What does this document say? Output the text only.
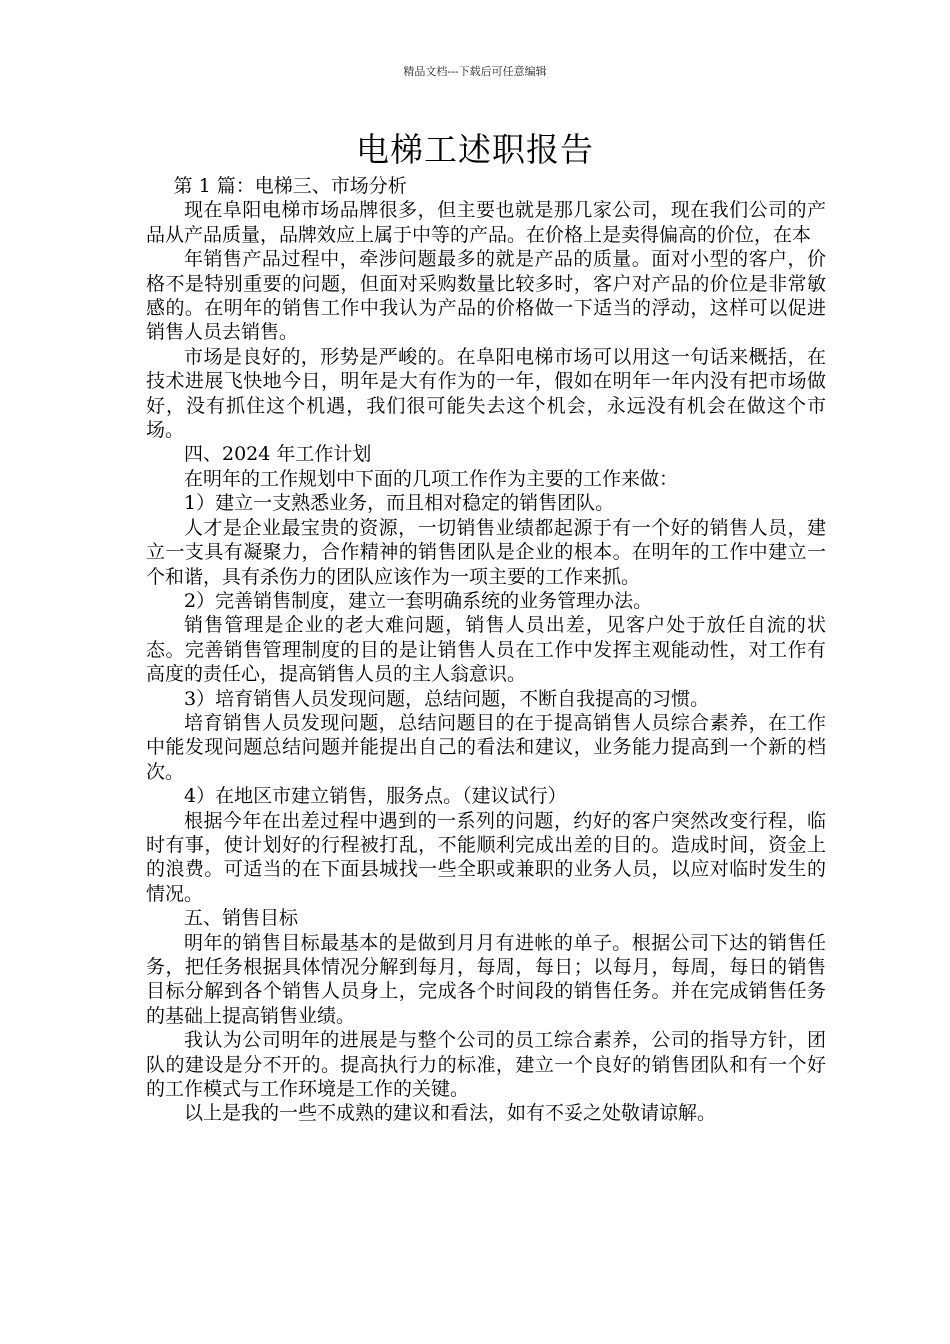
精品文档---下载后可任意编辑
电梯工述职报告

第 1 篇：电梯三、市场分析

现在阜阳电梯市场品牌很多，但主要也就是那几家公司，现在我们公司的产品从产品质量，品牌效应上属于中等的产品。在价格上是卖得偏高的价位，在本

年销售产品过程中，牵涉问题最多的就是产品的质量。面对小型的客户，价格不是特别重要的问题，但面对采购数量比较多时，客户对产品的价位是非常敏感的。在明年的销售工作中我认为产品的价格做一下适当的浮动，这样可以促进销售人员去销售。

市场是良好的，形势是严峻的。在阜阳电梯市场可以用这一句话来概括，在技术进展飞快地今日，明年是大有作为的一年，假如在明年一年内没有把市场做好，没有抓住这个机遇，我们很可能失去这个机会，永远没有机会在做这个市场。

四、2024 年工作计划

在明年的工作规划中下面的几项工作作为主要的工作来做：

1）建立一支熟悉业务，而且相对稳定的销售团队。

人才是企业最宝贵的资源，一切销售业绩都起源于有一个好的销售人员，建立一支具有凝聚力，合作精神的销售团队是企业的根本。在明年的工作中建立一个和谐，具有杀伤力的团队应该作为一项主要的工作来抓。

2）完善销售制度，建立一套明确系统的业务管理办法。

销售管理是企业的老大难问题，销售人员出差，见客户处于放任自流的状态。完善销售管理制度的目的是让销售人员在工作中发挥主观能动性，对工作有高度的责任心，提高销售人员的主人翁意识。

3）培育销售人员发现问题，总结问题，不断自我提高的习惯。

培育销售人员发现问题，总结问题目的在于提高销售人员综合素养，在工作中能发现问题总结问题并能提出自己的看法和建议，业务能力提高到一个新的档次。

4）在地区市建立销售，服务点。（建议试行）

根据今年在出差过程中遇到的一系列的问题，约好的客户突然改变行程，临时有事，使计划好的行程被打乱，不能顺利完成出差的目的。造成时间，资金上的浪费。可适当的在下面县城找一些全职或兼职的业务人员，以应对临时发生的情况。

五、销售目标

明年的销售目标最基本的是做到月月有进帐的单子。根据公司下达的销售任务，把任务根据具体情况分解到每月，每周，每日；以每月，每周，每日的销售目标分解到各个销售人员身上，完成各个时间段的销售任务。并在完成销售任务的基础上提高销售业绩。

我认为公司明年的进展是与整个公司的员工综合素养，公司的指导方针，团队的建设是分不开的。提高执行力的标准，建立一个良好的销售团队和有一个好的工作模式与工作环境是工作的关键。

以上是我的一些不成熟的建议和看法，如有不妥之处敬请谅解。
